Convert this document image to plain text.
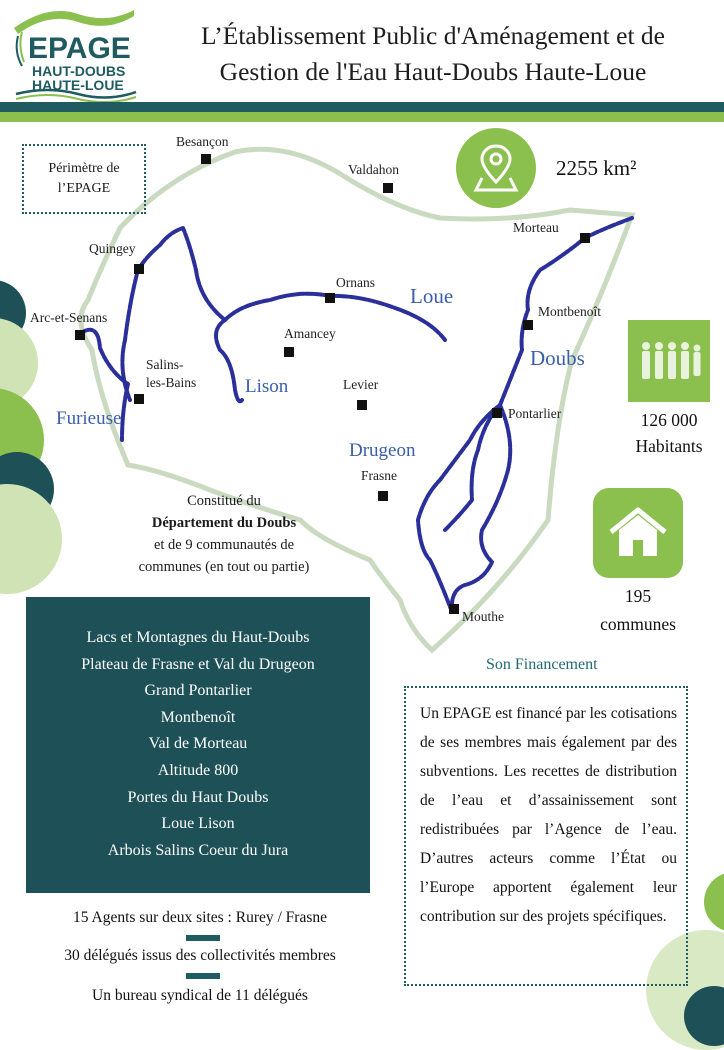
EPAGE
HAUT-DOUBS
HAUTE-LOUE
L’Établissement Public d'Aménagement et de
Gestion de l'Eau Haut-Doubs Haute-Loue
Besançon
Valdahon
Morteau
Quingey
Ornans
Arc-et-Senans
Amancey
Montbenoît
Salins-
les-Bains	Levier
Pontarlier
Frasne
Mouthe
Loue
Lison
Doubs
Furieuse
Drugeon
Périmètre de
l’EPAGE
2255 km²
126 000
Habitants
195
communes
Constitué du
Département du Doubs
et de 9 communautés de
communes (en tout ou partie)
Lacs et Montagnes du Haut-Doubs
Plateau de Frasne et Val du Drugeon
Grand Pontarlier
Montbenoît
Val de Morteau
Altitude 800
Portes du Haut Doubs
Loue Lison
Arbois Salins Coeur du Jura
15 Agents sur deux sites : Rurey / Frasne
30 délégués issus des collectivités membres
Un bureau syndical de 11 délégués
Son Financement
Un EPAGE est financé par les cotisations de ses membres mais également par des subventions. Les recettes de distribution de l’eau et d’assainissement sont redistribuées par l’Agence de l’eau. D’autres acteurs comme l’État ou l’Europe apportent également leur contribution sur des projets spécifiques.
